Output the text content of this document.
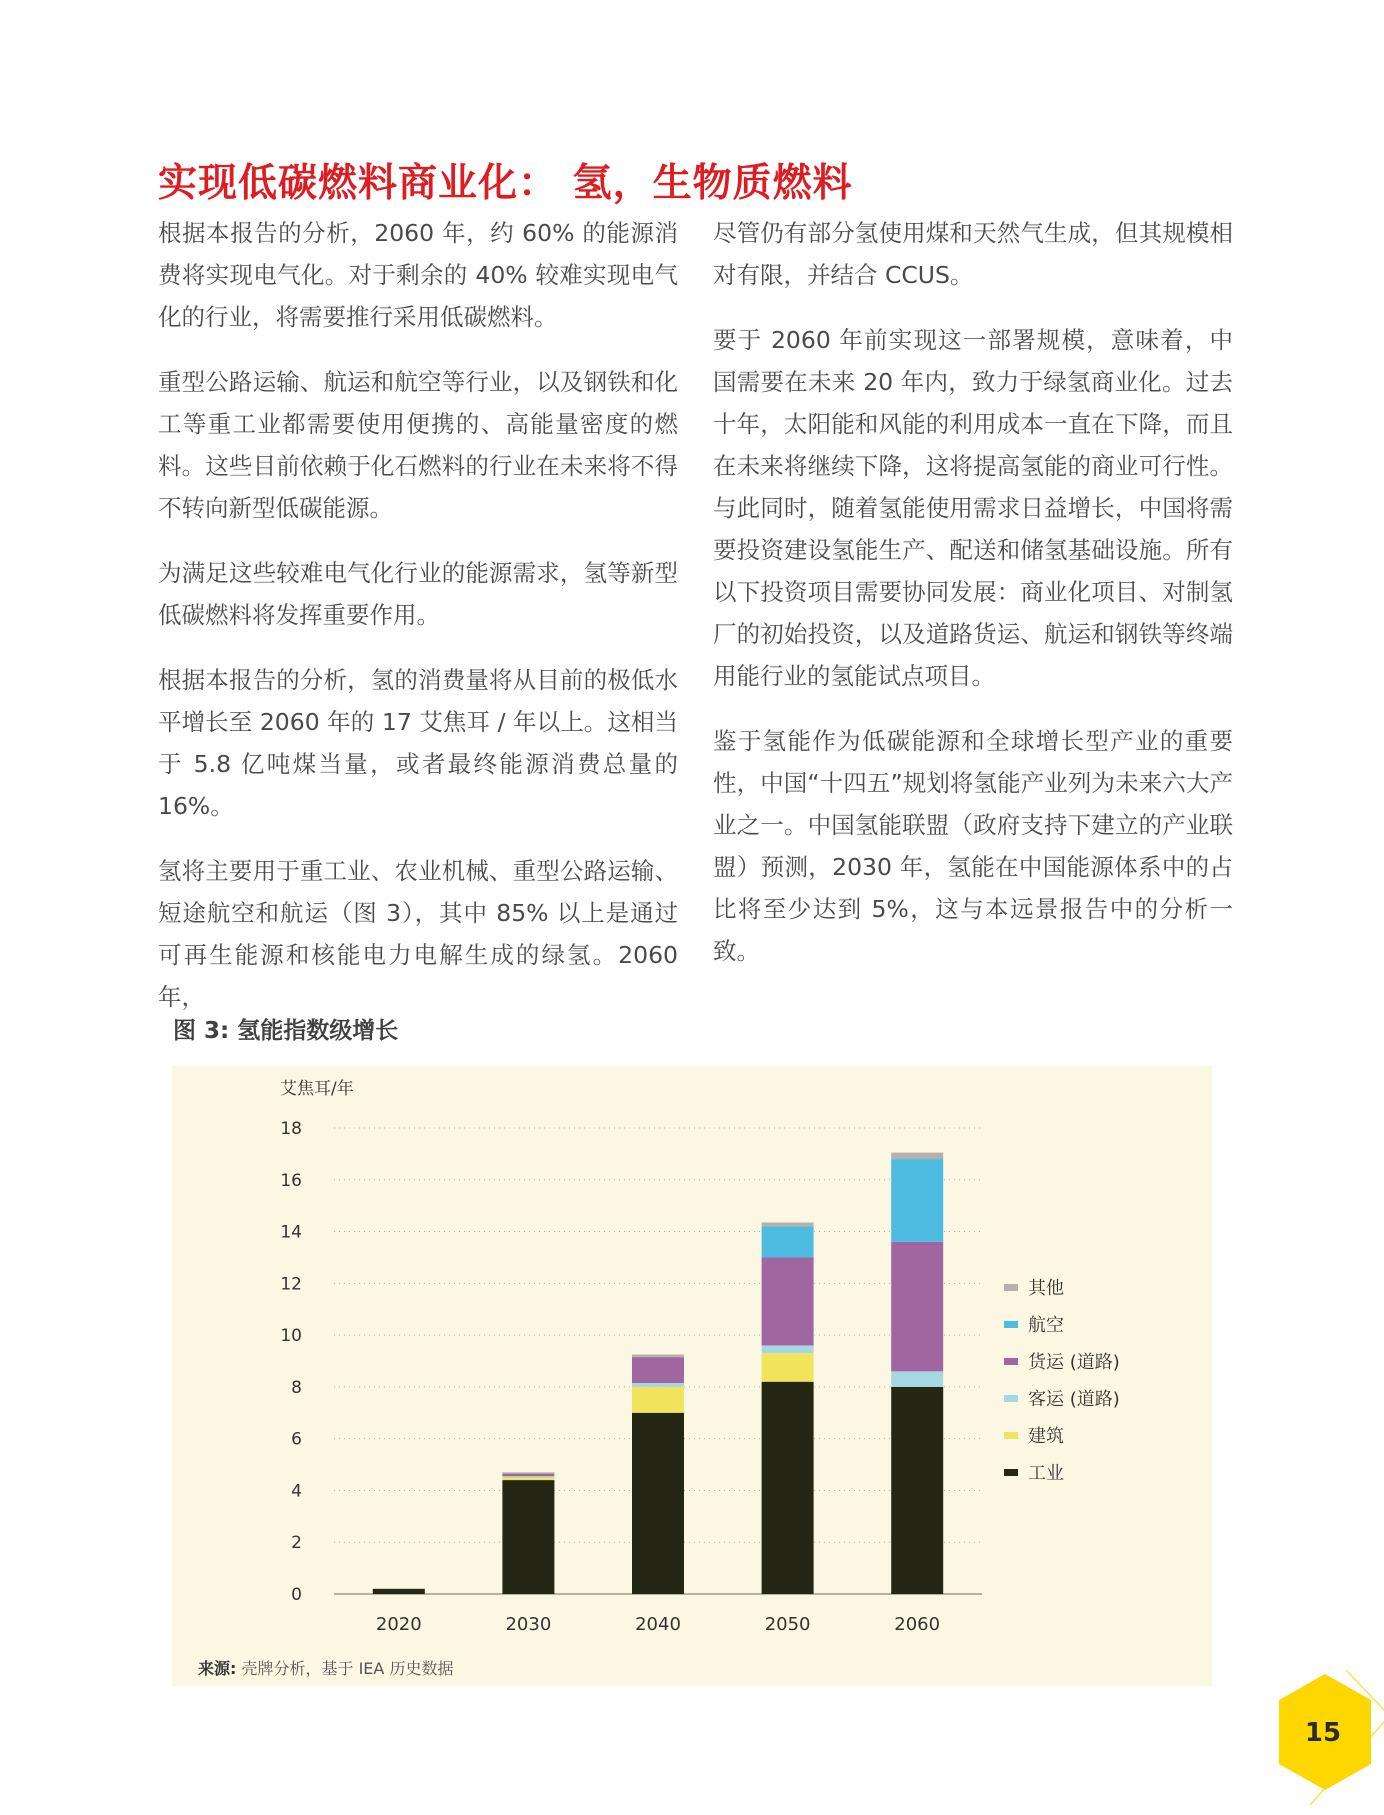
实现低碳燃料商业化： 氢，生物质燃料

根据本报告的分析，2060 年，约 60% 的能源消费将实现电气化。对于剩余的 40% 较难实现电气化的行业，将需要推行采用低碳燃料。

重型公路运输、航运和航空等行业，以及钢铁和化工等重工业都需要使用便携的、高能量密度的燃料。这些目前依赖于化石燃料的行业在未来将不得不转向新型低碳能源。

为满足这些较难电气化行业的能源需求，氢等新型低碳燃料将发挥重要作用。

根据本报告的分析，氢的消费量将从目前的极低水平增长至 2060 年的 17 艾焦耳 / 年以上。这相当于 5.8 亿吨煤当量，或者最终能源消费总量的 16%。

氢将主要用于重工业、农业机械、重型公路运输、短途航空和航运（图 3），其中 85% 以上是通过可再生能源和核能电力电解生成的绿氢。2060 年，

尽管仍有部分氢使用煤和天然气生成，但其规模相对有限，并结合 CCUS。

要于 2060 年前实现这一部署规模，意味着，中国需要在未来 20 年内，致力于绿氢商业化。过去十年，太阳能和风能的利用成本一直在下降，而且在未来将继续下降，这将提高氢能的商业可行性。与此同时，随着氢能使用需求日益增长，中国将需要投资建设氢能生产、配送和储氢基础设施。所有以下投资项目需要协同发展：商业化项目、对制氢厂的初始投资，以及道路货运、航运和钢铁等终端用能行业的氢能试点项目。

鉴于氢能作为低碳能源和全球增长型产业的重要性，中国“十四五”规划将氢能产业列为未来六大产业之一。中国氢能联盟（政府支持下建立的产业联盟）预测，2030 年，氢能在中国能源体系中的占比将至少达到 5%，这与本远景报告中的分析一致。

图 3: 氢能指数级增长
艾焦耳/年
0
2
4
6
8
10
12
14
16
18
2020	2030	2040	2050	2060
其他
航空
货运 (道路)
客运 (道路)
建筑
工业
来源: 壳牌分析，基于 IEA 历史数据
15
